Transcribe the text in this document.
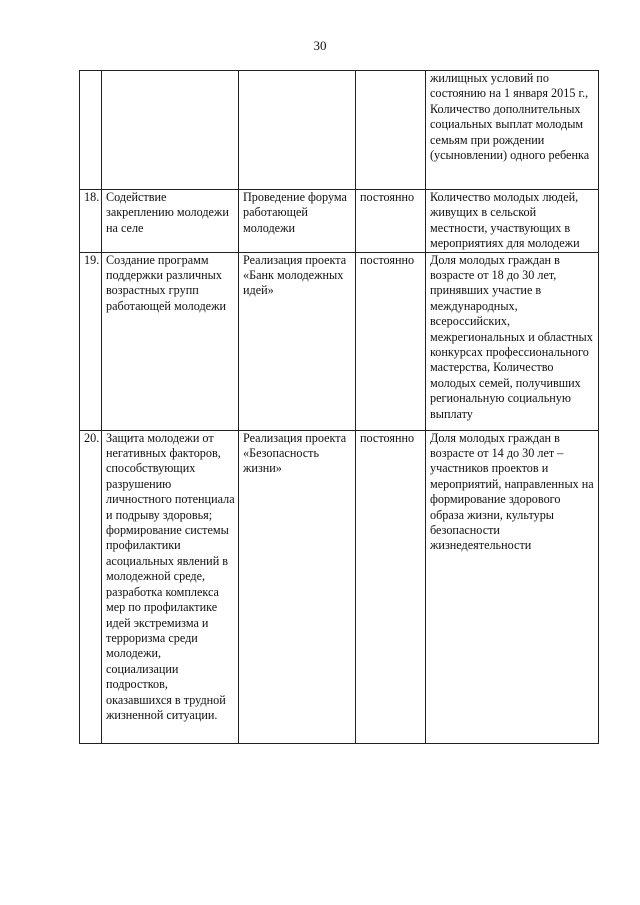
30
				жилищных условий по состоянию на 1 января 2015 г., Количество дополнительных социальных выплат молодым семьям при рождении (усыновлении) одного ребенка
18.	Содействие закреплению молодежи на селе	Проведение форума работающей молодежи	постоянно	Количество молодых людей, живущих в сельской местности, участвующих в мероприятиях для молодежи
19.	Создание программ поддержки различных возрастных групп работающей молодежи	Реализация проекта «Банк молодежных идей»	постоянно	Доля молодых граждан в возрасте от 18 до 30 лет, принявших участие в международных, всероссийских, межрегиональных и областных конкурсах профессионального мастерства, Количество молодых семей, получивших региональную социальную выплату
20.	Защита молодежи от негативных факторов, способствующих разрушению личностного потенциала и подрыву здоровья; формирование системы профилактики асоциальных явлений в молодежной среде, разработка комплекса мер по профилактике идей экстремизма и терроризма среди молодежи, социализации подростков, оказавшихся в трудной жизненной ситуации.	Реализация проекта «Безопасность жизни»	постоянно	Доля молодых граждан в возрасте от 14 до 30 лет – участников проектов и мероприятий, направленных на формирование здорового образа жизни, культуры безопасности жизнедеятельности
